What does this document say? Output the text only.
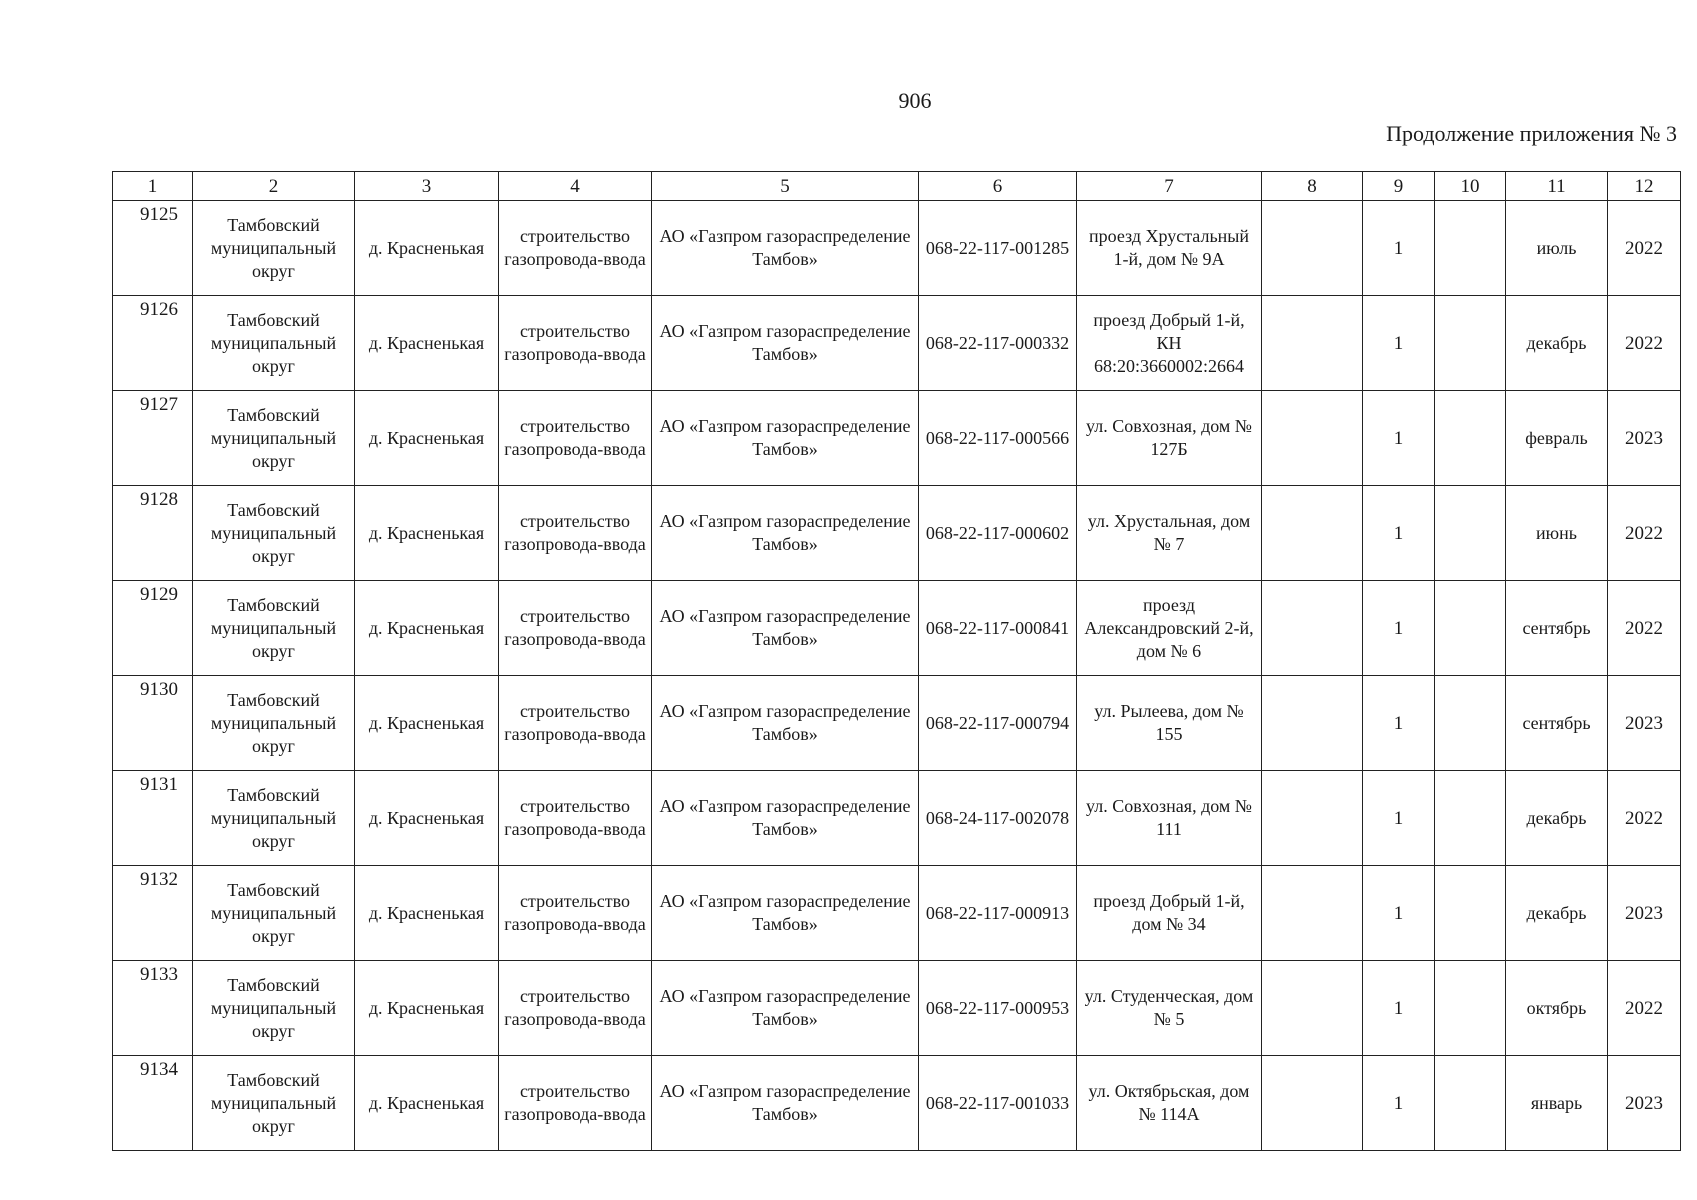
906
Продолжение приложения № 3
1	2	3	4	5	6	7	8	9	10	11	12
9125	Тамбовский муниципальный округ	д. Красненькая	строительство газопровода-ввода	АО «Газпром газораспределение Тамбов»	068-22-117-001285	проезд Хрустальный 1-й, дом № 9А		1		июль	2022
9126	Тамбовский муниципальный округ	д. Красненькая	строительство газопровода-ввода	АО «Газпром газораспределение Тамбов»	068-22-117-000332	проезд Добрый 1-й, КН 68:20:3660002:2664		1		декабрь	2022
9127	Тамбовский муниципальный округ	д. Красненькая	строительство газопровода-ввода	АО «Газпром газораспределение Тамбов»	068-22-117-000566	ул. Совхозная, дом № 127Б		1		февраль	2023
9128	Тамбовский муниципальный округ	д. Красненькая	строительство газопровода-ввода	АО «Газпром газораспределение Тамбов»	068-22-117-000602	ул. Хрустальная, дом № 7		1		июнь	2022
9129	Тамбовский муниципальный округ	д. Красненькая	строительство газопровода-ввода	АО «Газпром газораспределение Тамбов»	068-22-117-000841	проезд Александровский 2-й, дом № 6		1		сентябрь	2022
9130	Тамбовский муниципальный округ	д. Красненькая	строительство газопровода-ввода	АО «Газпром газораспределение Тамбов»	068-22-117-000794	ул. Рылеева, дом № 155		1		сентябрь	2023
9131	Тамбовский муниципальный округ	д. Красненькая	строительство газопровода-ввода	АО «Газпром газораспределение Тамбов»	068-24-117-002078	ул. Совхозная, дом № 111		1		декабрь	2022
9132	Тамбовский муниципальный округ	д. Красненькая	строительство газопровода-ввода	АО «Газпром газораспределение Тамбов»	068-22-117-000913	проезд Добрый 1-й, дом № 34		1		декабрь	2023
9133	Тамбовский муниципальный округ	д. Красненькая	строительство газопровода-ввода	АО «Газпром газораспределение Тамбов»	068-22-117-000953	ул. Студенческая, дом № 5		1		октябрь	2022
9134	Тамбовский муниципальный округ	д. Красненькая	строительство газопровода-ввода	АО «Газпром газораспределение Тамбов»	068-22-117-001033	ул. Октябрьская, дом № 114А		1		январь	2023
